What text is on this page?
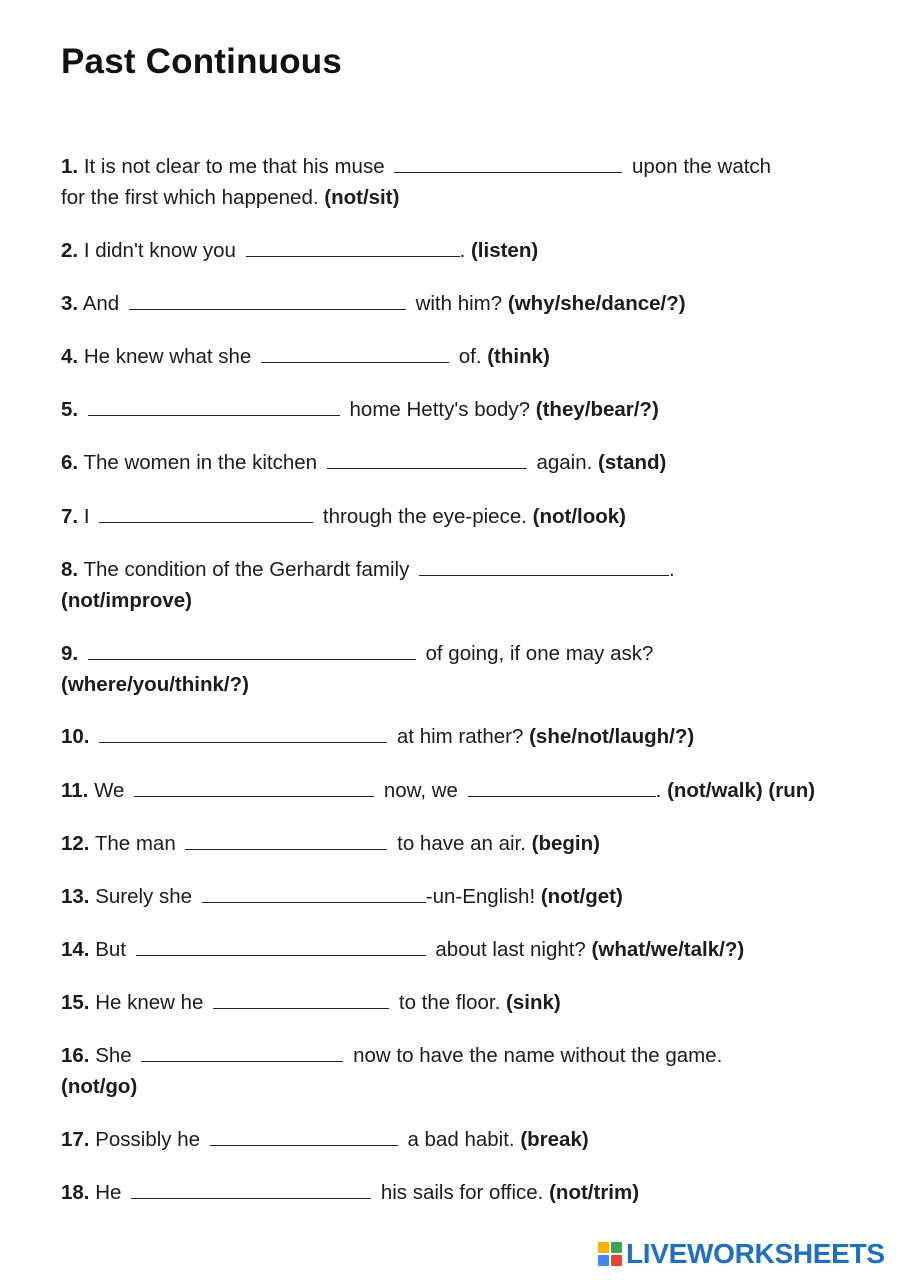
Past Continuous
1. It is not clear to me that his muse	upon the watch
for the first which happened. (not/sit)
2. I didn't know you	. (listen)
3. And	with him? (why/she/dance/?)
4. He knew what she	of. (think)
5.	home Hetty's body? (they/bear/?)
6. The women in the kitchen	again. (stand)
7. I	through the eye-piece. (not/look)
8. The condition of the Gerhardt family	.
(not/improve)
9.	of going, if one may ask?
(where/you/think/?)
10.	at him rather? (she/not/laugh/?)
11. We	now, we	. (not/walk) (run)
12. The man	to have an air. (begin)
13. Surely she	-un-English! (not/get)
14. But	about last night? (what/we/talk/?)
15. He knew he	to the floor. (sink)
16. She	now to have the name without the game.
(not/go)
17. Possibly he	a bad habit. (break)
18. He	his sails for office. (not/trim)
LIVEWORKSHEETS
